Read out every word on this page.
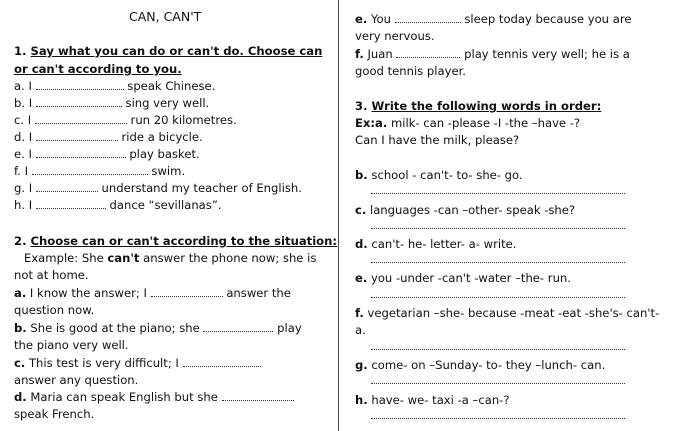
CAN, CAN'T
1. Say what you can do or can't do. Choose can
or can't according to you.
a. I	speak Chinese.
b. I	sing very well.
c. I	run 20 kilometres.
d. I	ride a bicycle.
e. I	play basket.
f. I	swim.
g. I	understand my teacher of English.
h. I	dance “sevillanas”.
2. Choose can or can't according to the situation:
Example: She can't answer the phone now; she is
not at home.
a. I know the answer; I	answer the
question now.
b. She is good at the piano; she	play
the piano very well.
c. This test is very difficult; I
answer any question.
d. Maria can speak English but she
speak French.
e. You	sleep today because you are
very nervous.
f. Juan	play tennis very well; he is a
good tennis player.
3. Write the following words in order:
Ex:a. milk- can -please -I -the –have -?
Can I have the milk, please?
b. school - can't- to- she- go.
c. languages -can –other- speak -she?
d. can't- he- letter- a- write.
e. you -under -can't -water –the- run.
f. vegetarian –she- because -meat -eat -she's- can't-
a.
g. come- on –Sunday- to- they –lunch- can.
h. have- we- taxi -a –can-?
